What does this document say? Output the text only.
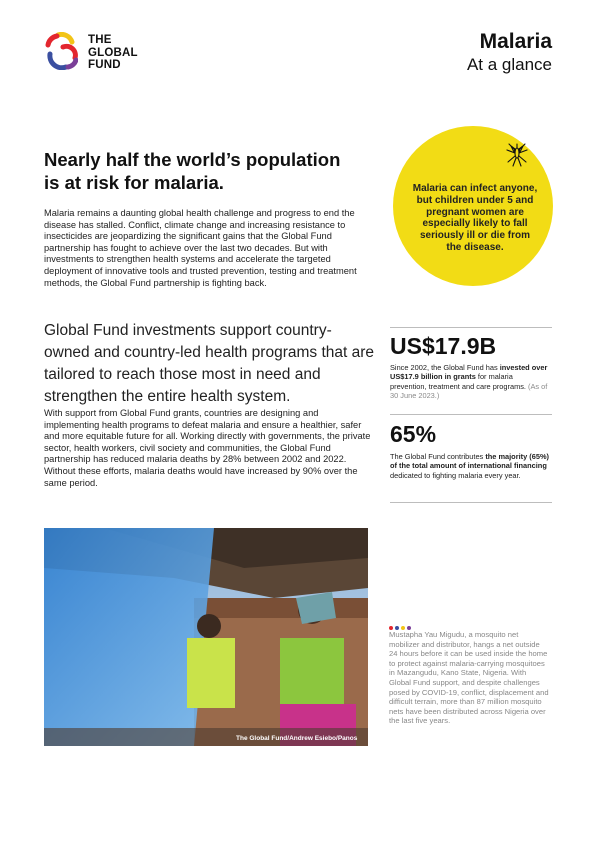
THE
GLOBAL
FUND
Malaria
At a glance
Nearly half the world’s population
is at risk for malaria.
Malaria remains a daunting global health challenge and progress to end the disease has stalled. Conflict, climate change and increasing resistance to insecticides are jeopardizing the significant gains that the Global Fund partnership has fought to achieve over the last two decades. But with investments to strengthen health systems and accelerate the targeted deployment of innovative tools and trusted prevention, testing and treatment methods, the Global Fund partnership is fighting back.
Global Fund investments support country-owned and country-led health programs that are tailored to reach those most in need and strengthen the entire health system.
With support from Global Fund grants, countries are designing and implementing health programs to defeat malaria and ensure a healthier, safer and more equitable future for all. Working directly with governments, the private sector, health workers, civil society and communities, the Global Fund partnership has reduced malaria deaths by 28% between 2002 and 2022. Without these efforts, malaria deaths would have increased by 90% over the same period.
Malaria can infect anyone, but children under 5 and pregnant women are especially likely to fall seriously ill or die from the disease.
US$17.9B
Since 2002, the Global Fund has invested over US$17.9 billion in grants for malaria prevention, treatment and care programs. (As of 30 June 2023.)
65%
The Global Fund contributes the majority (65%) of the total amount of international financing dedicated to fighting malaria every year.
The Global Fund/Andrew Esiebo/Panos
Mustapha Yau Migudu, a mosquito net mobilizer and distributor, hangs a net outside 24 hours before it can be used inside the home to protect against malaria-carrying mosquitoes in Mazangudu, Kano State, Nigeria. With Global Fund support, and despite challenges posed by COVID-19, conflict, displacement and difficult terrain, more than 87 million mosquito nets have been distributed across Nigeria over the last five years.
